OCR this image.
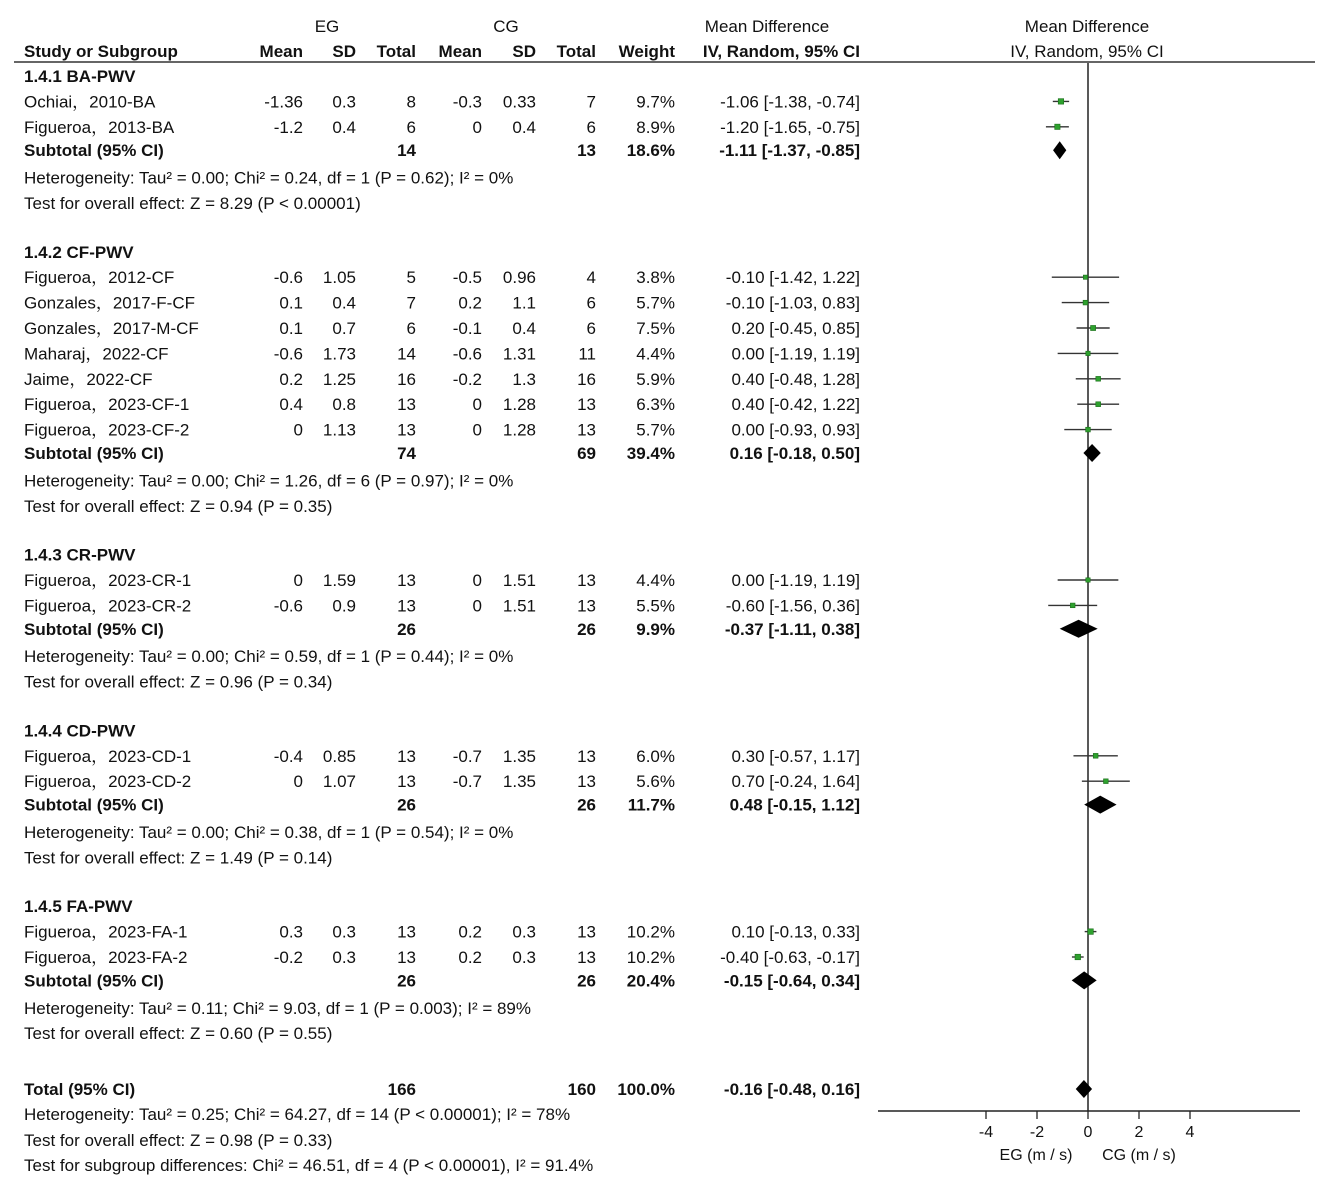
EG	CG	Mean Difference	Mean Difference
IV, Random, 95% CI
Study or Subgroup	Mean SD Total Mean SD Total Weight IV, Random, 95% CI
-4 -2 0	2	4
EG (m / s) CG (m / s)
1.4.1 BA-PWV
Ochiai，2010-BA	-1.36 0.3	8 -0.3 0.33	7 9.7%	-1.06 [-1.38, -0.74]
Figueroa，2013-BA	-1.2 0.4	6	0 0.4	6 8.9%	-1.20 [-1.65, -0.75]
Subtotal (95% CI)	14	13 18.6%	-1.11 [-1.37, -0.85]
Heterogeneity: Tau² = 0.00; Chi² = 0.24, df = 1 (P = 0.62); I² = 0%
Test for overall effect: Z = 8.29 (P < 0.00001)
1.4.2 CF-PWV
Figueroa，2012-CF	-0.6 1.05	5 -0.5 0.96	4 3.8%	-0.10 [-1.42, 1.22]
Gonzales，2017-F-CF	0.1 0.4	7 0.2 1.1	6 5.7%	-0.10 [-1.03, 0.83]
Gonzales，2017-M-CF	0.1 0.7	6 -0.1 0.4	6 7.5%	0.20 [-0.45, 0.85]
Maharaj，2022-CF	-0.6 1.73 14 -0.6 1.31 11 4.4%	0.00 [-1.19, 1.19]
Jaime，2022-CF	0.2 1.25 16 -0.2 1.3 16 5.9%	0.40 [-0.48, 1.28]
Figueroa，2023-CF-1	0.4 0.8 13	0 1.28 13 6.3%	0.40 [-0.42, 1.22]
Figueroa，2023-CF-2	0 1.13 13	0 1.28 13 5.7%	0.00 [-0.93, 0.93]
Subtotal (95% CI)	74	69 39.4%	0.16 [-0.18, 0.50]
Heterogeneity: Tau² = 0.00; Chi² = 1.26, df = 6 (P = 0.97); I² = 0%
Test for overall effect: Z = 0.94 (P = 0.35)
1.4.3 CR-PWV
Figueroa，2023-CR-1	0 1.59 13	0 1.51 13 4.4%	0.00 [-1.19, 1.19]
Figueroa，2023-CR-2	-0.6 0.9 13	0 1.51 13 5.5%	-0.60 [-1.56, 0.36]
Subtotal (95% CI)	26	26 9.9%	-0.37 [-1.11, 0.38]
Heterogeneity: Tau² = 0.00; Chi² = 0.59, df = 1 (P = 0.44); I² = 0%
Test for overall effect: Z = 0.96 (P = 0.34)
1.4.4 CD-PWV
Figueroa，2023-CD-1	-0.4 0.85 13 -0.7 1.35 13 6.0%	0.30 [-0.57, 1.17]
Figueroa，2023-CD-2	0 1.07 13 -0.7 1.35 13 5.6%	0.70 [-0.24, 1.64]
Subtotal (95% CI)	26	26 11.7%	0.48 [-0.15, 1.12]
Heterogeneity: Tau² = 0.00; Chi² = 0.38, df = 1 (P = 0.54); I² = 0%
Test for overall effect: Z = 1.49 (P = 0.14)
1.4.5 FA-PWV
Figueroa，2023-FA-1	0.3 0.3 13 0.2 0.3 13 10.2%	0.10 [-0.13, 0.33]
Figueroa，2023-FA-2	-0.2 0.3 13 0.2 0.3 13 10.2%	-0.40 [-0.63, -0.17]
Subtotal (95% CI)	26	26 20.4%	-0.15 [-0.64, 0.34]
Heterogeneity: Tau² = 0.11; Chi² = 9.03, df = 1 (P = 0.003); I² = 89%
Test for overall effect: Z = 0.60 (P = 0.55)
Total (95% CI)	166	160 100.0%	-0.16 [-0.48, 0.16]
Heterogeneity: Tau² = 0.25; Chi² = 64.27, df = 14 (P < 0.00001); I² = 78%
Test for overall effect: Z = 0.98 (P = 0.33)
Test for subgroup differences: Chi² = 46.51, df = 4 (P < 0.00001), I² = 91.4%
